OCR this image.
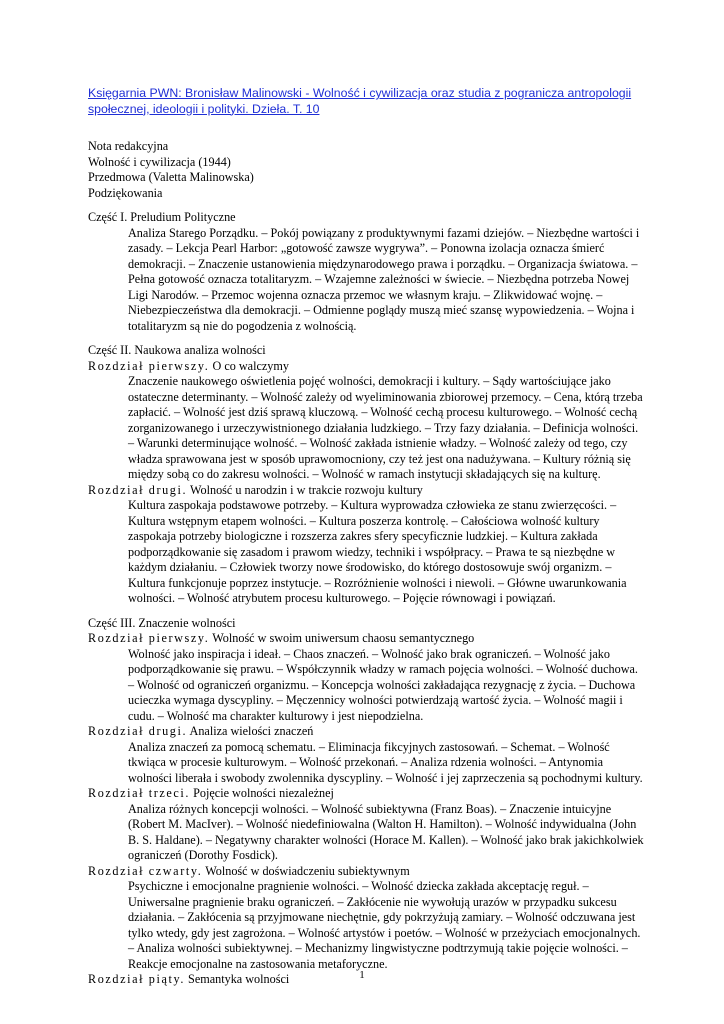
Księgarnia PWN: Bronisław Malinowski - Wolność i cywilizacja oraz studia z pogranicza antropologii społecznej, ideologii i polityki. Dzieła. T. 10
Nota redakcyjna
Wolność i cywilizacja (1944)
Przedmowa (Valetta Malinowska)
Podziękowania
Część I. Preludium Polityczne
Analiza Starego Porządku. – Pokój powiązany z produktywnymi fazami dziejów. – Niezbędne wartości i zasady. – Lekcja Pearl Harbor: „gotowość zawsze wygrywa”. – Ponowna izolacja oznacza śmierć demokracji. – Znaczenie ustanowienia międzynarodowego prawa i porządku. – Organizacja światowa. – Pełna gotowość oznacza totalitaryzm. – Wzajemne zależności w świecie. – Niezbędna potrzeba Nowej Ligi Narodów. – Przemoc wojenna oznacza przemoc we własnym kraju. – Zlikwidować wojnę. – Niebezpieczeństwa dla demokracji. – Odmienne poglądy muszą mieć szansę wypowiedzenia. – Wojna i totalitaryzm są nie do pogodzenia z wolnością.
Część II. Naukowa analiza wolności
Rozdział pierwszy. O co walczymy
Znaczenie naukowego oświetlenia pojęć wolności, demokracji i kultury. – Sądy wartościujące jako ostateczne determinanty. – Wolność zależy od wyeliminowania zbiorowej przemocy. – Cena, którą trzeba zapłacić. – Wolność jest dziś sprawą kluczową. – Wolność cechą procesu kulturowego. – Wolność cechą zorganizowanego i urzeczywistnionego działania ludzkiego. – Trzy fazy działania. – Definicja wolności. – Warunki determinujące wolność. – Wolność zakłada istnienie władzy. – Wolność zależy od tego, czy władza sprawowana jest w sposób uprawomocniony, czy też jest ona nadużywana. – Kultury różnią się między sobą co do zakresu wolności. – Wolność w ramach instytucji składających się na kulturę.
Rozdział drugi. Wolność u narodzin i w trakcie rozwoju kultury
Kultura zaspokaja podstawowe potrzeby. – Kultura wyprowadza człowieka ze stanu zwierzęcości. – Kultura wstępnym etapem wolności. – Kultura poszerza kontrolę. – Całościowa wolność kultury zaspokaja potrzeby biologiczne i rozszerza zakres sfery specyficznie ludzkiej. – Kultura zakłada podporządkowanie się zasadom i prawom wiedzy, techniki i współpracy. – Prawa te są niezbędne w każdym działaniu. – Człowiek tworzy nowe środowisko, do którego dostosowuje swój organizm. – Kultura funkcjonuje poprzez instytucje. – Rozróżnienie wolności i niewoli. – Główne uwarunkowania wolności. – Wolność atrybutem procesu kulturowego. – Pojęcie równowagi i powiązań.
Część III. Znaczenie wolności
Rozdział pierwszy. Wolność w swoim uniwersum chaosu semantycznego
Wolność jako inspiracja i ideał. – Chaos znaczeń. – Wolność jako brak ograniczeń. – Wolność jako podporządkowanie się prawu. – Współczynnik władzy w ramach pojęcia wolności. – Wolność duchowa. – Wolność od ograniczeń organizmu. – Koncepcja wolności zakładająca rezygnację z życia. – Duchowa ucieczka wymaga dyscypliny. – Męczennicy wolności potwierdzają wartość życia. – Wolność magii i cudu. – Wolność ma charakter kulturowy i jest niepodzielna.
Rozdział drugi. Analiza wielości znaczeń
Analiza znaczeń za pomocą schematu. – Eliminacja fikcyjnych zastosowań. – Schemat. – Wolność tkwiąca w procesie kulturowym. – Wolność przekonań. – Analiza rdzenia wolności. – Antynomia wolności liberała i swobody zwolennika dyscypliny. – Wolność i jej zaprzeczenia są pochodnymi kultury.
Rozdział trzeci. Pojęcie wolności niezależnej
Analiza różnych koncepcji wolności. – Wolność subiektywna (Franz Boas). – Znaczenie intuicyjne (Robert M. MacIver). – Wolność niedefiniowalna (Walton H. Hamilton). – Wolność indywidualna (John B. S. Haldane). – Negatywny charakter wolności (Horace M. Kallen). – Wolność jako brak jakichkolwiek ograniczeń (Dorothy Fosdick).
Rozdział czwarty. Wolność w doświadczeniu subiektywnym
Psychiczne i emocjonalne pragnienie wolności. – Wolność dziecka zakłada akceptację reguł. – Uniwersalne pragnienie braku ograniczeń. – Zakłócenie nie wywołują urazów w przypadku sukcesu działania. – Zakłócenia są przyjmowane niechętnie, gdy pokrzyżują zamiary. – Wolność odczuwana jest tylko wtedy, gdy jest zagrożona. – Wolność artystów i poetów. – Wolność w przeżyciach emocjonalnych. – Analiza wolności subiektywnej. – Mechanizmy lingwistyczne podtrzymują takie pojęcie wolności. – Reakcje emocjonalne na zastosowania metaforyczne.
Rozdział piąty. Semantyka wolności	1
